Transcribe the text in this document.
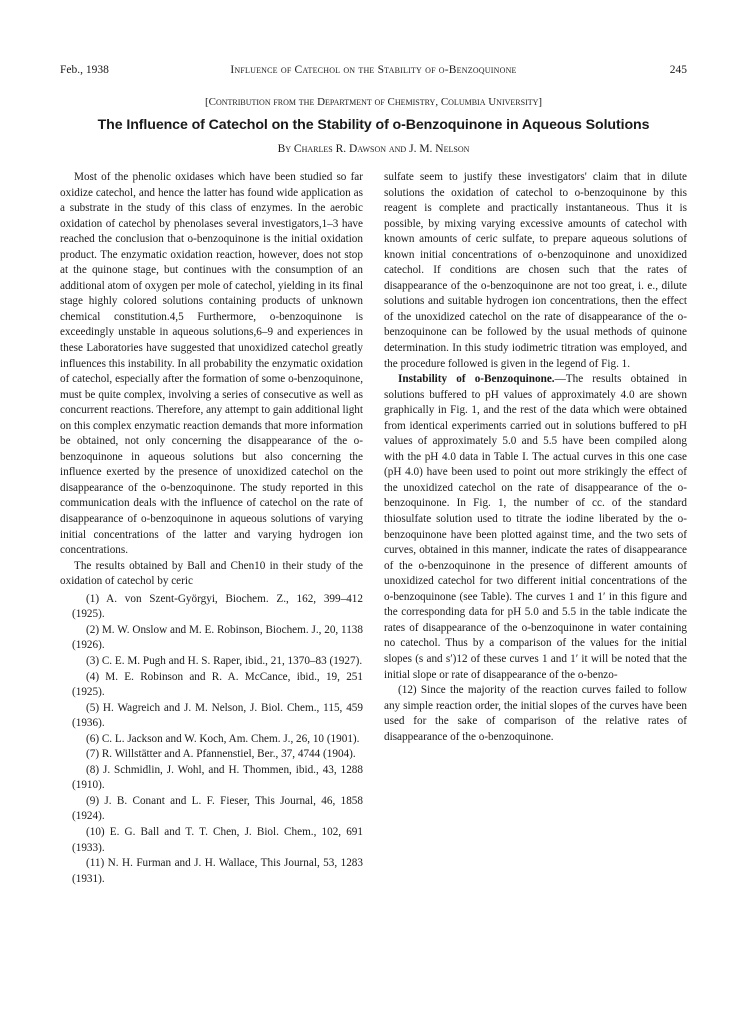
Feb., 1938	Influence of Catechol on the Stability of o-Benzoquinone	245
[Contribution from the Department of Chemistry, Columbia University]
The Influence of Catechol on the Stability of o-Benzoquinone in Aqueous Solutions
By Charles R. Dawson and J. M. Nelson

Most of the phenolic oxidases which have been studied so far oxidize catechol, and hence the latter has found wide application as a substrate in the study of this class of enzymes. In the aerobic oxidation of catechol by phenolases several investigators,1–3 have reached the conclusion that o-benzoquinone is the initial oxidation product. The enzymatic oxidation reaction, however, does not stop at the quinone stage, but continues with the consumption of an additional atom of oxygen per mole of catechol, yielding in its final stage highly colored solutions containing products of unknown chemical constitution.4,5 Furthermore, o-benzoquinone is exceedingly unstable in aqueous solutions,6–9 and experiences in these Laboratories have suggested that unoxidized catechol greatly influences this instability. In all probability the enzymatic oxidation of catechol, especially after the formation of some o-benzoquinone, must be quite complex, involving a series of consecutive as well as concurrent reactions. Therefore, any attempt to gain additional light on this complex enzymatic reaction demands that more information be obtained, not only concerning the disappearance of the o-benzoquinone in aqueous solutions but also concerning the influence exerted by the presence of unoxidized catechol on the disappearance of the o-benzoquinone. The study reported in this communication deals with the influence of catechol on the rate of disappearance of o-benzoquinone in aqueous solutions of varying initial concentrations of the latter and varying hydrogen ion concentrations.

The results obtained by Ball and Chen10 in their study of the oxidation of catechol by ceric

(1) A. von Szent-Györgyi, Biochem. Z., 162, 399–412 (1925).

(2) M. W. Onslow and M. E. Robinson, Biochem. J., 20, 1138 (1926).

(3) C. E. M. Pugh and H. S. Raper, ibid., 21, 1370–83 (1927).

(4) M. E. Robinson and R. A. McCance, ibid., 19, 251 (1925).

(5) H. Wagreich and J. M. Nelson, J. Biol. Chem., 115, 459 (1936).

(6) C. L. Jackson and W. Koch, Am. Chem. J., 26, 10 (1901).

(7) R. Willstätter and A. Pfannenstiel, Ber., 37, 4744 (1904).

(8) J. Schmidlin, J. Wohl, and H. Thommen, ibid., 43, 1288 (1910).

(9) J. B. Conant and L. F. Fieser, This Journal, 46, 1858 (1924).

(10) E. G. Ball and T. T. Chen, J. Biol. Chem., 102, 691 (1933).

(11) N. H. Furman and J. H. Wallace, This Journal, 53, 1283 (1931).

sulfate seem to justify these investigators' claim that in dilute solutions the oxidation of catechol to o-benzoquinone by this reagent is complete and practically instantaneous. Thus it is possible, by mixing varying excessive amounts of catechol with known amounts of ceric sulfate, to prepare aqueous solutions of known initial concentrations of o-benzoquinone and unoxidized catechol. If conditions are chosen such that the rates of disappearance of the o-benzoquinone are not too great, i. e., dilute solutions and suitable hydrogen ion concentrations, then the effect of the unoxidized catechol on the rate of disappearance of the o-benzoquinone can be followed by the usual methods of quinone determination. In this study iodimetric titration was employed, and the procedure followed is given in the legend of Fig. 1.

Instability of o-Benzoquinone.—The results obtained in solutions buffered to pH values of approximately 4.0 are shown graphically in Fig. 1, and the rest of the data which were obtained from identical experiments carried out in solutions buffered to pH values of approximately 5.0 and 5.5 have been compiled along with the pH 4.0 data in Table I. The actual curves in this one case (pH 4.0) have been used to point out more strikingly the effect of the unoxidized catechol on the rate of disappearance of the o-benzoquinone. In Fig. 1, the number of cc. of the standard thiosulfate solution used to titrate the iodine liberated by the o-benzoquinone have been plotted against time, and the two sets of curves, obtained in this manner, indicate the rates of disappearance of the o-benzoquinone in the presence of different amounts of unoxidized catechol for two different initial concentrations of the o-benzoquinone (see Table). The curves 1 and 1′ in this figure and the corresponding data for pH 5.0 and 5.5 in the table indicate the rates of disappearance of the o-benzoquinone in water containing no catechol. Thus by a comparison of the values for the initial slopes (s and s′)12 of these curves 1 and 1′ it will be noted that the initial slope or rate of disappearance of the o-benzo-

(12) Since the majority of the reaction curves failed to follow any simple reaction order, the initial slopes of the curves have been used for the sake of comparison of the relative rates of disappearance of the o-benzoquinone.
